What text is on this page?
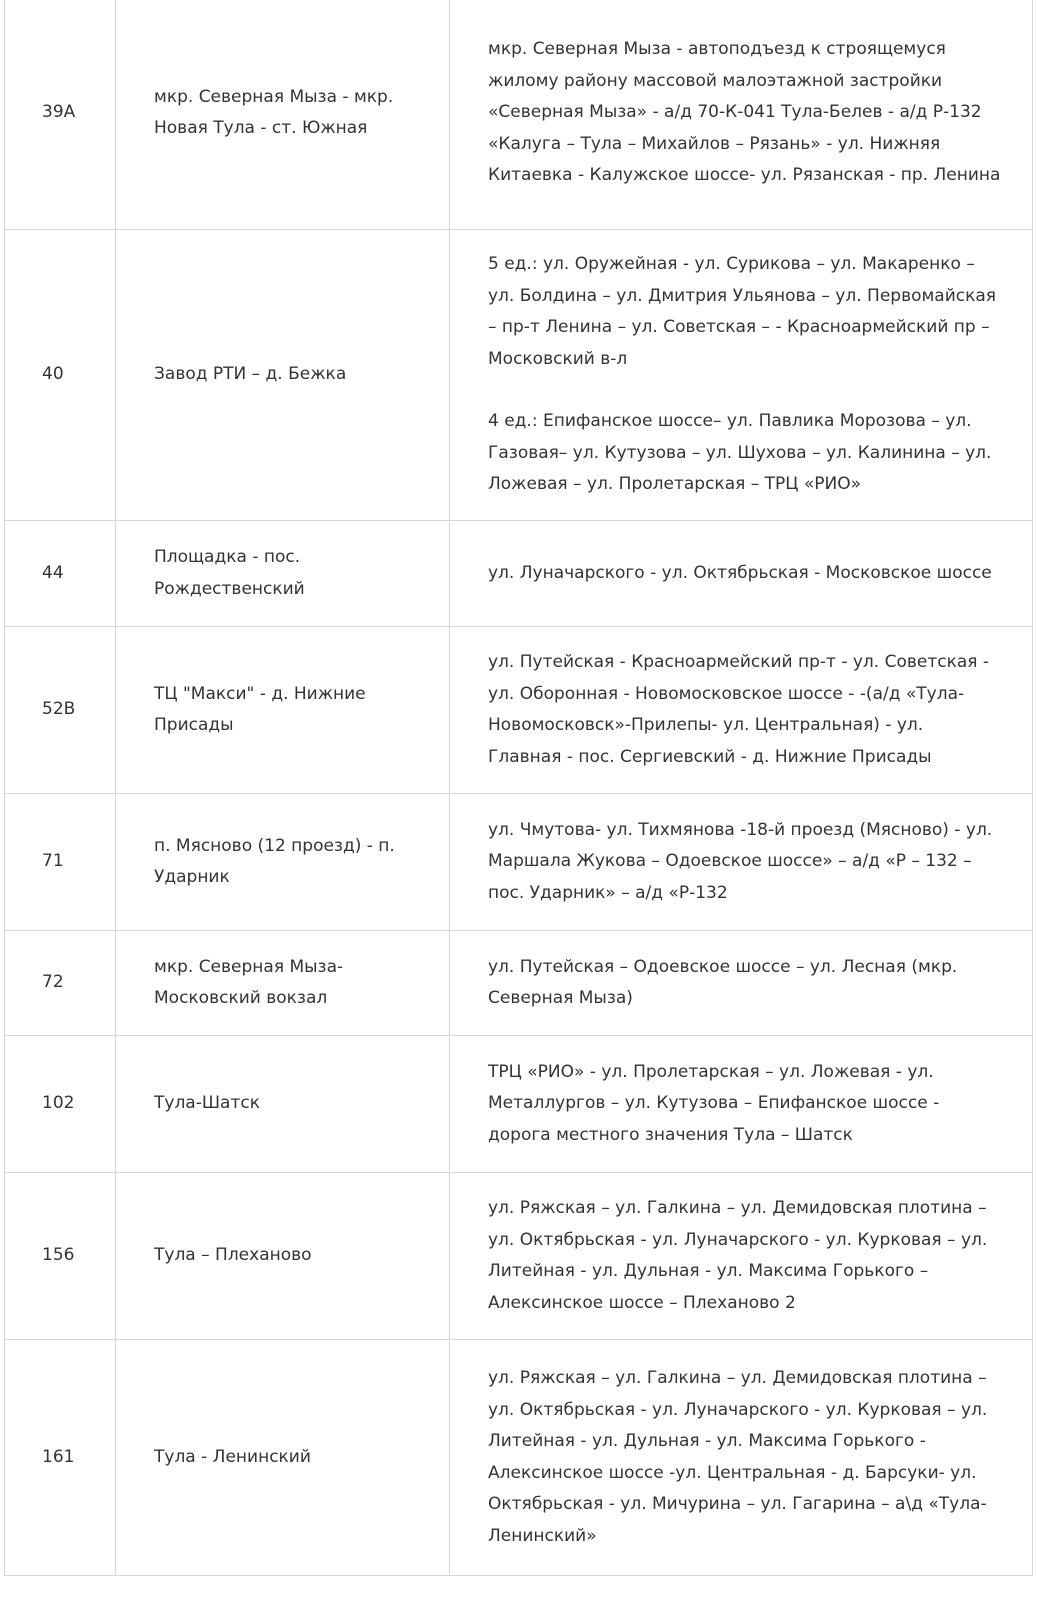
39А	мкр. Северная Мыза - мкр. Новая Тула - ст. Южная	мкр. Северная Мыза - автоподъезд к строящемуся жилому району массовой малоэтажной застройки «Северная Мыза» - а/д 70-К-041 Тула-Белев - а/д Р-132 «Калуга – Тула – Михайлов – Рязань» - ул. Нижняя Китаевка - Калужское шоссе- ул. Рязанская - пр. Ленина

40	Завод РТИ – д. Бежка	5 ед.: ул. Оружейная - ул. Сурикова – ул. Макаренко – ул. Болдина – ул. Дмитрия Ульянова – ул. Первомайская – пр-т Ленина – ул. Советская – - Красноармейский пр – Московский в-л

4 ед.: Епифанское шоссе– ул. Павлика Морозова – ул. Газовая– ул. Кутузова – ул. Шухова – ул. Калинина – ул. Ложевая – ул. Пролетарская – ТРЦ «РИО»

44	Площадка - пос. Рождественский	ул. Луначарского - ул. Октябрьская - Московское шоссе

52В	ТЦ "Макси" - д. Нижние Присады	ул. Путейская - Красноармейский пр-т - ул. Советская - ул. Оборонная - Новомосковское шоссе - -(а/д «Тула-Новомосковск»-Прилепы- ул. Центральная) - ул. Главная - пос. Сергиевский - д. Нижние Присады

71	п. Мясново (12 проезд) - п. Ударник	ул. Чмутова- ул. Тихмянова -18-й проезд (Мясново) - ул. Маршала Жукова – Одоевское шоссе» – а/д «Р – 132 – пос. Ударник» – а/д «Р-132

72	мкр. Северная Мыза-Московский вокзал	ул. Путейская – Одоевское шоссе – ул. Лесная (мкр. Северная Мыза)

102	Тула-Шатск	ТРЦ «РИО» - ул. Пролетарская – ул. Ложевая - ул. Металлургов – ул. Кутузова – Епифанское шоссе - дорога местного значения Тула – Шатск

156	Тула – Плеханово	ул. Ряжская – ул. Галкина – ул. Демидовская плотина – ул. Октябрьская - ул. Луначарского - ул. Курковая – ул. Литейная - ул. Дульная - ул. Максима Горького – Алексинское шоссе – Плеханово 2

161	Тула - Ленинский	ул. Ряжская – ул. Галкина – ул. Демидовская плотина – ул. Октябрьская - ул. Луначарского - ул. Курковая – ул. Литейная - ул. Дульная - ул. Максима Горького - Алексинское шоссе -ул. Центральная - д. Барсуки- ул. Октябрьская - ул. Мичурина – ул. Гагарина – а\д «Тула-Ленинский»
